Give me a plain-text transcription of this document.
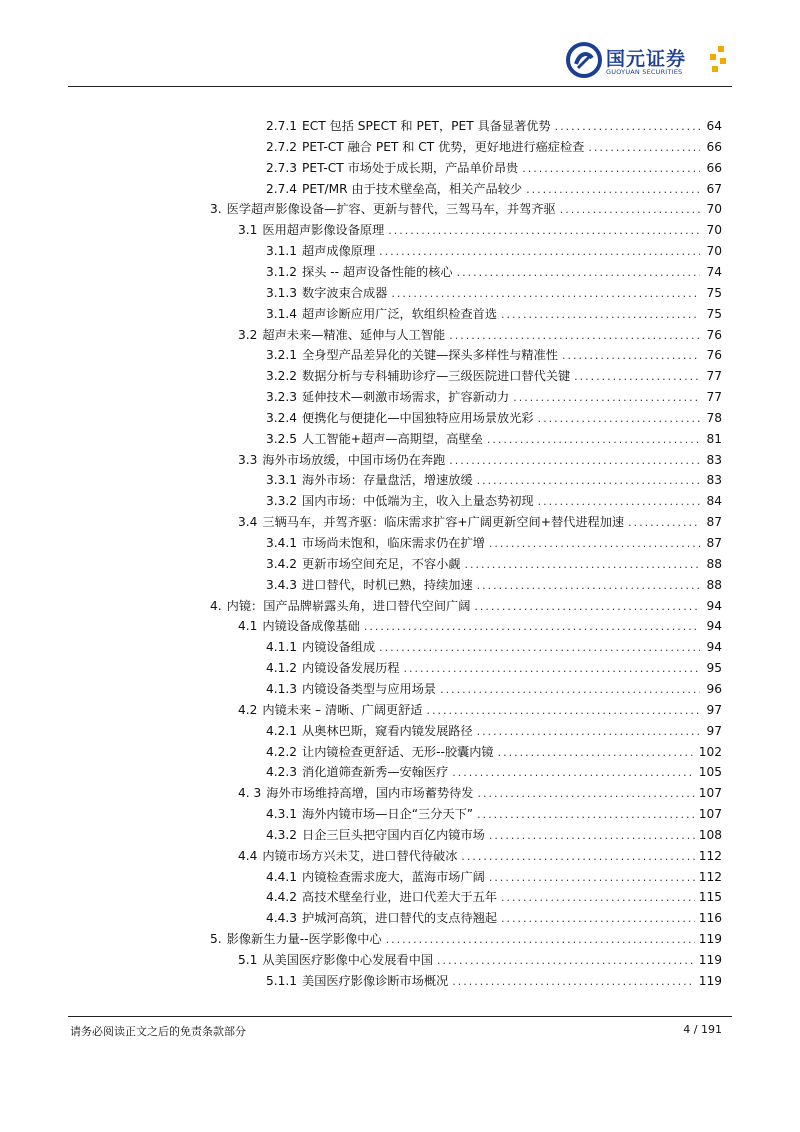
国元证券
GUOYUAN SECURITIES
2.7.1 ECT 包括 SPECT 和 PET，PET 具备显著优势 .....	64
2.7.2 PET-CT 融合 PET 和 CT 优势，更好地进行癌症检查 .....	66
2.7.3 PET-CT 市场处于成长期，产品单价昂贵 .....	66
2.7.4 PET/MR 由于技术壁垒高，相关产品较少 .....	67
3. 医学超声影像设备—扩容、更新与替代，三驾马车，并驾齐驱 .....	70
3.1 医用超声影像设备原理 .....	70
3.1.1 超声成像原理 .....	70
3.1.2 探头 -- 超声设备性能的核心 .....	74
3.1.3 数字波束合成器 .....	75
3.1.4 超声诊断应用广泛，软组织检查首选 .....	75
3.2 超声未来—精准、延伸与人工智能 .....	76
3.2.1 全身型产品差异化的关键—探头多样性与精准性 .....	76
3.2.2 数据分析与专科辅助诊疗—三级医院进口替代关键 .....	77
3.2.3 延伸技术—刺激市场需求，扩容新动力 .....	77
3.2.4 便携化与便捷化—中国独特应用场景放光彩 .....	78
3.2.5 人工智能+超声—高期望，高壁垒 .....	81
3.3 海外市场放缓，中国市场仍在奔跑 .....	83
3.3.1 海外市场：存量盘活，增速放缓 .....	83
3.3.2 国内市场：中低端为主，收入上量态势初现 .....	84
3.4 三辆马车，并驾齐驱：临床需求扩容+广阔更新空间+替代进程加速 .....	87
3.4.1 市场尚未饱和，临床需求仍在扩增 .....	87
3.4.2 更新市场空间充足，不容小觑 .....	88
3.4.3 进口替代，时机已熟，持续加速 .....	88
4. 内镜：国产品牌崭露头角，进口替代空间广阔 .....	94
4.1 内镜设备成像基础 .....	94
4.1.1 内镜设备组成 .....	94
4.1.2 内镜设备发展历程 .....	95
4.1.3 内镜设备类型与应用场景 .....	96
4.2 内镜未来 – 清晰、广阔更舒适 .....	97
4.2.1 从奥林巴斯，窥看内镜发展路径 .....	97
4.2.2 让内镜检查更舒适、无形--胶囊内镜 .....	102
4.2.3 消化道筛查新秀—安翰医疗 .....	105
4. 3 海外市场维持高增，国内市场蓄势待发 .....	107
4.3.1 海外内镜市场—日企“三分天下” .....	107
4.3.2 日企三巨头把守国内百亿内镜市场 .....	108
4.4 内镜市场方兴未艾，进口替代待破冰 .....	112
4.4.1 内镜检查需求庞大，蓝海市场广阔 .....	112
4.4.2 高技术壁垒行业，进口代差大于五年 .....	115
4.4.3 护城河高筑，进口替代的支点待翘起 .....	116
5. 影像新生力量--医学影像中心 .....	119
5.1 从美国医疗影像中心发展看中国 .....	119
5.1.1 美国医疗影像诊断市场概况 .....	119
请务必阅读正文之后的免责条款部分	4 / 191
